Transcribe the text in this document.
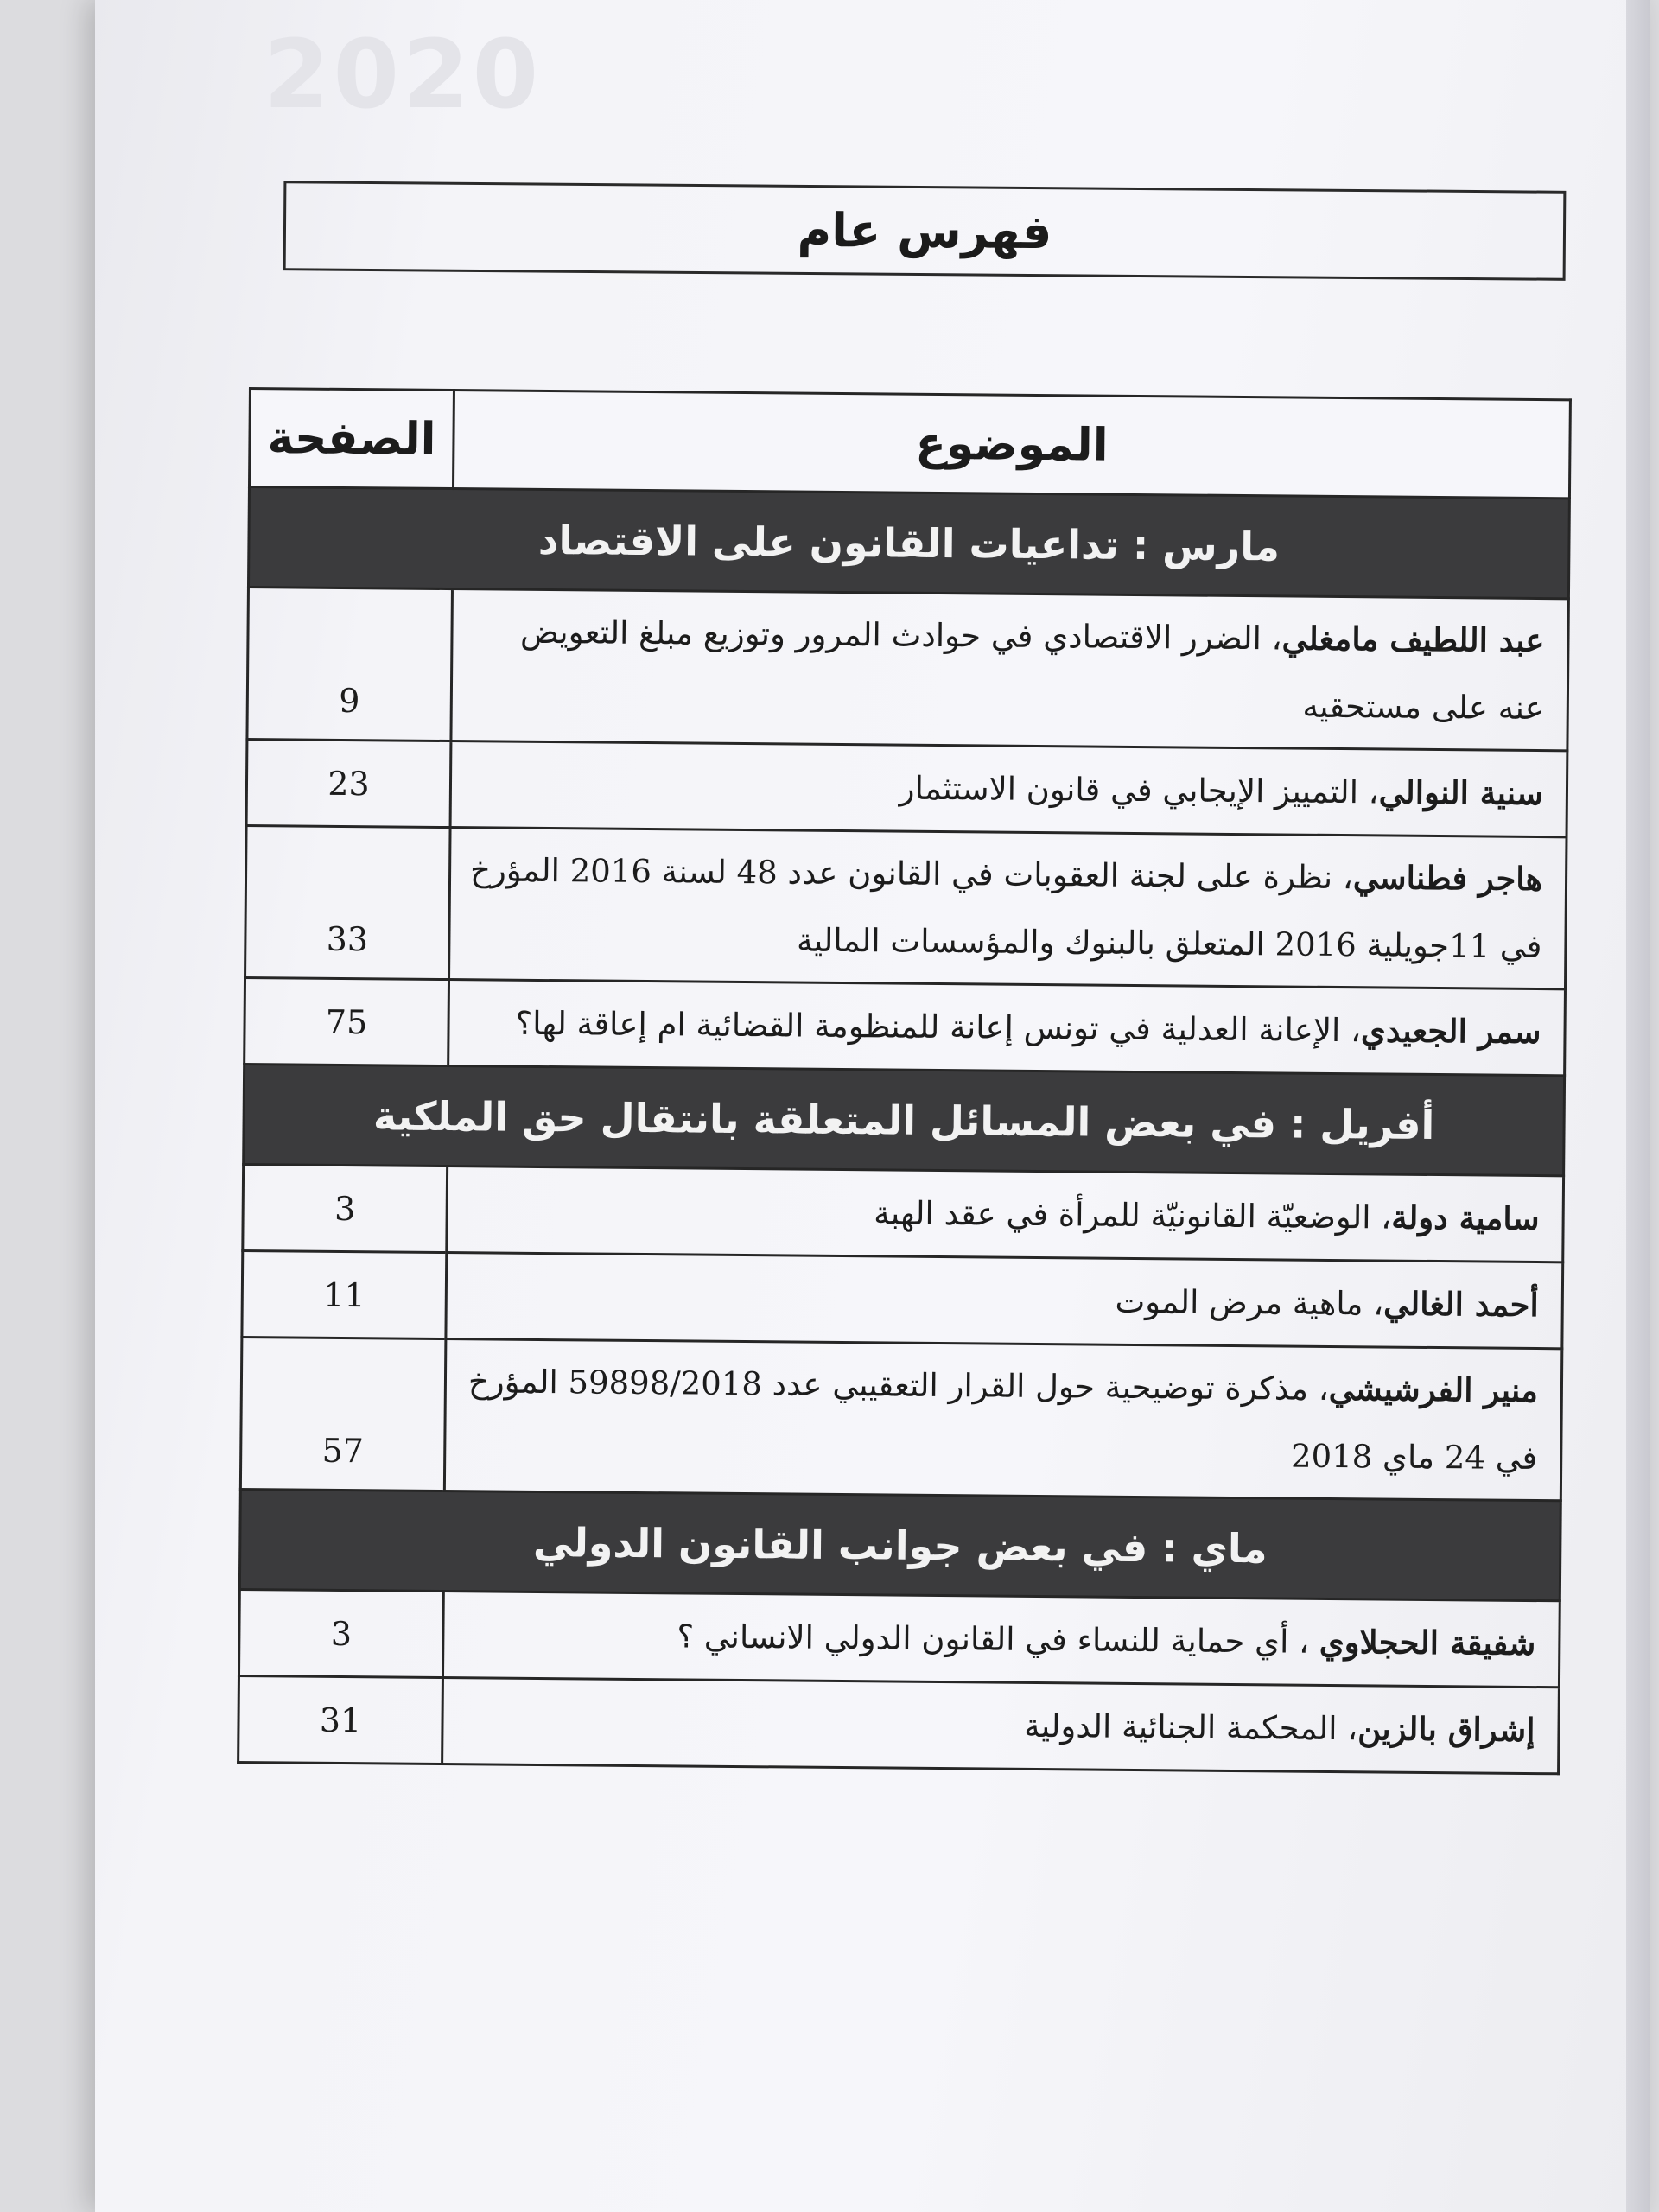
2020
فهرس عام
الموضوع	الصفحة
مارس : تداعيات القانون على الاقتصاد	
عبد اللطيف مامغلي، الضرر الاقتصادي في حوادث المرور وتوزيع مبلغ التعويض عنه على مستحقيه	9
سنية النوالي، التمييز الإيجابي في قانون الاستثمار	23
هاجر فطناسي، نظرة على لجنة العقوبات في القانون عدد 48 لسنة 2016 المؤرخ في 11جويلية 2016 المتعلق بالبنوك والمؤسسات المالية	33
سمر الجعيدي، الإعانة العدلية في تونس إعانة للمنظومة القضائية ام إعاقة لها؟	75
أفريل : في بعض المسائل المتعلقة بانتقال حق الملكية	
سامية دولة، الوضعيّة القانونيّة للمرأة في عقد الهبة	3
أحمد الغالي، ماهية مرض الموت	11
منير الفرشيشي، مذكرة توضيحية حول القرار التعقيبي عدد 59898/2018 المؤرخ في 24 ماي 2018	57
ماي : في بعض جوانب القانون الدولي	
شفيقة الحجلاوي ، أي حماية للنساء في القانون الدولي الانساني ؟	3
إشراق بالزين، المحكمة الجنائية الدولية	31
